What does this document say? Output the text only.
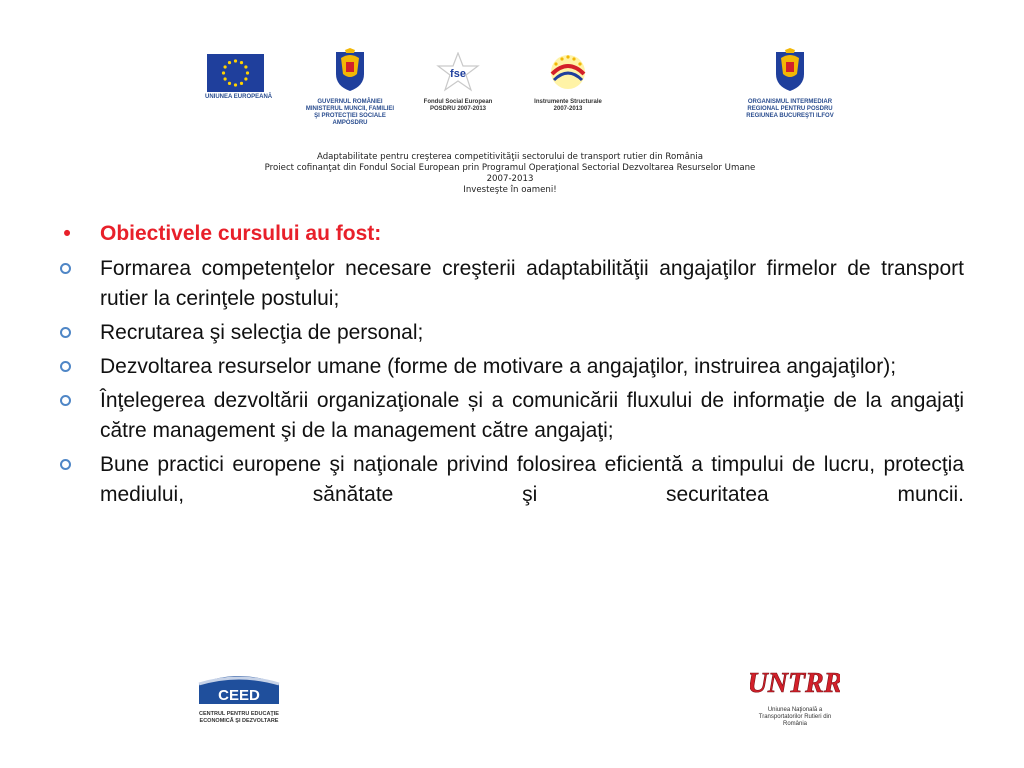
UNIUNEA EUROPEANĂ
GUVERNUL ROMÂNIEI
MINISTERUL MUNCII, FAMILIEI
ŞI PROTECŢIEI SOCIALE
AMPOSDRU
fse
Fondul Social European
POSDRU 2007-2013
Instrumente Structurale
2007-2013
ORGANISMUL INTERMEDIAR
REGIONAL PENTRU POSDRU
REGIUNEA BUCUREŞTI ILFOV
Adaptabilitate pentru creşterea competitivităţii sectorului de transport rutier din România
Proiect cofinanţat din Fondul Social European prin Programul Operaţional Sectorial Dezvoltarea Resurselor Umane
2007-2013
Investeşte în oameni!
• Obiectivele cursului au fost:
Formarea competenţelor necesare creşterii adaptabilităţii angajaţilor firmelor de transport rutier la cerinţele postului;
Recrutarea şi selecţia de personal;
Dezvoltarea resurselor umane (forme de motivare a angajaţilor, instruirea angajaţilor);
Înţelegerea dezvoltării organizaţionale și a comunicării fluxului de informaţie de la angajaţi către management şi de la management către angajaţi;
Bune practici europene şi naţionale privind folosirea eficientă a timpului de lucru, protecţia mediului, sănătate şi securitatea muncii.
CEED
CENTRUL PENTRU EDUCAŢIE
ECONOMICĂ ŞI DEZVOLTARE
UNTRR
Uniunea Naţională a
Transportatorilor Rutieri din
România
